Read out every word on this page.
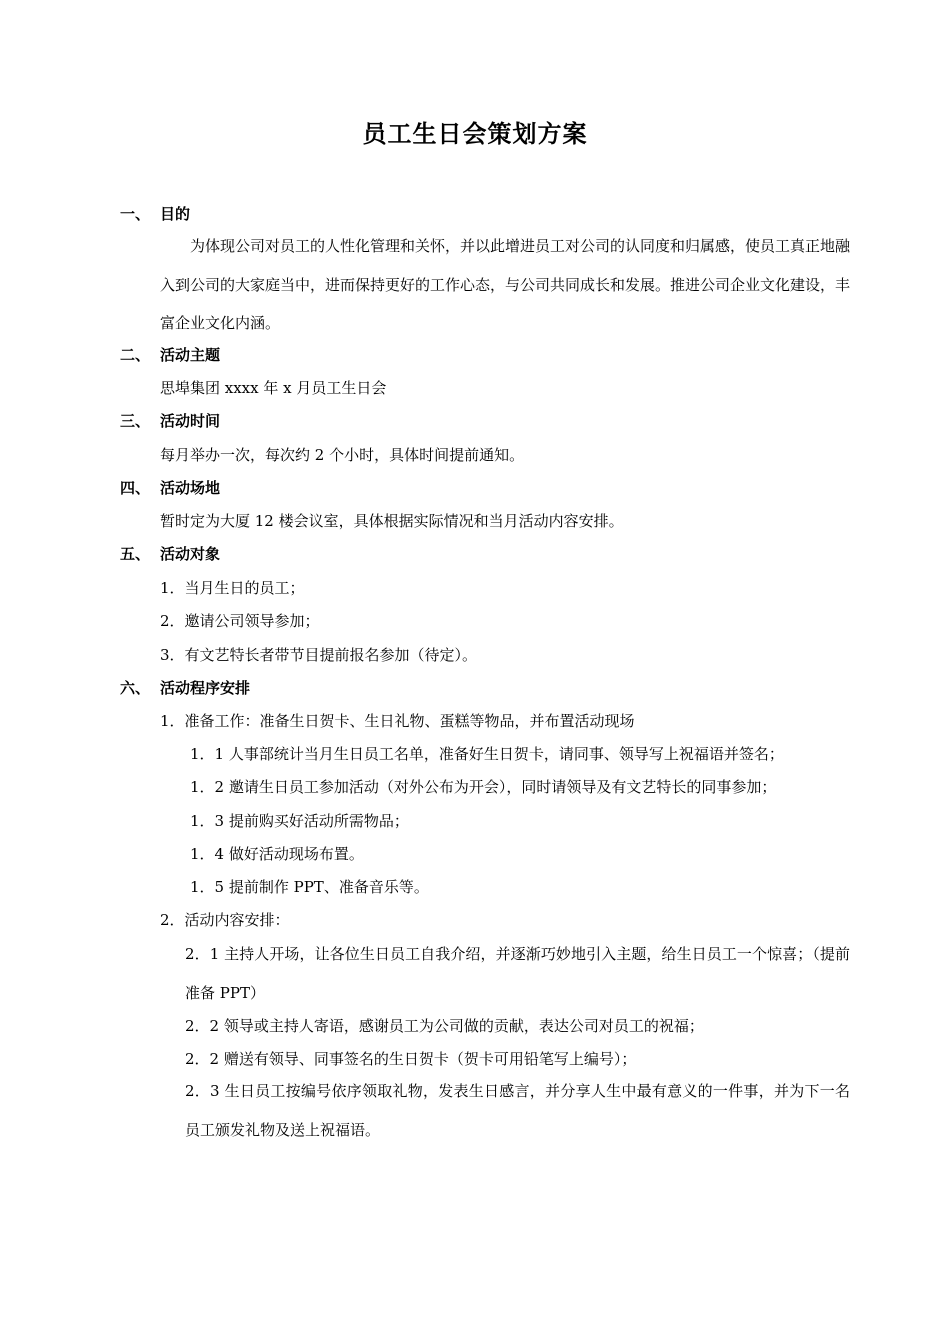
员工生日会策划方案
一、 目的
为体现公司对员工的人性化管理和关怀，并以此增进员工对公司的认同度和归属感，使员工真正地融入到公司的大家庭当中，进而保持更好的工作心态，与公司共同成长和发展。推进公司企业文化建设，丰富企业文化内涵。
二、 活动主题
思埠集团 xxxx 年 x 月员工生日会
三、 活动时间
每月举办一次，每次约 2 个小时，具体时间提前通知。
四、 活动场地
暂时定为大厦 12 楼会议室，具体根据实际情况和当月活动内容安排。
五、 活动对象
1．当月生日的员工；
2．邀请公司领导参加；
3．有文艺特长者带节目提前报名参加（待定）。
六、 活动程序安排
1．准备工作：准备生日贺卡、生日礼物、蛋糕等物品，并布置活动现场
1．1 人事部统计当月生日员工名单，准备好生日贺卡，请同事、领导写上祝福语并签名；
1．2 邀请生日员工参加活动（对外公布为开会），同时请领导及有文艺特长的同事参加；
1．3 提前购买好活动所需物品；
1．4 做好活动现场布置。
1．5 提前制作 PPT、准备音乐等。
2．活动内容安排：
2．1 主持人开场，让各位生日员工自我介绍，并逐渐巧妙地引入主题，给生日员工一个惊喜；（提前准备 PPT）
2．2 领导或主持人寄语，感谢员工为公司做的贡献，表达公司对员工的祝福；
2．2 赠送有领导、同事签名的生日贺卡（贺卡可用铅笔写上编号）；
2．3 生日员工按编号依序领取礼物，发表生日感言，并分享人生中最有意义的一件事，并为下一名员工颁发礼物及送上祝福语。
